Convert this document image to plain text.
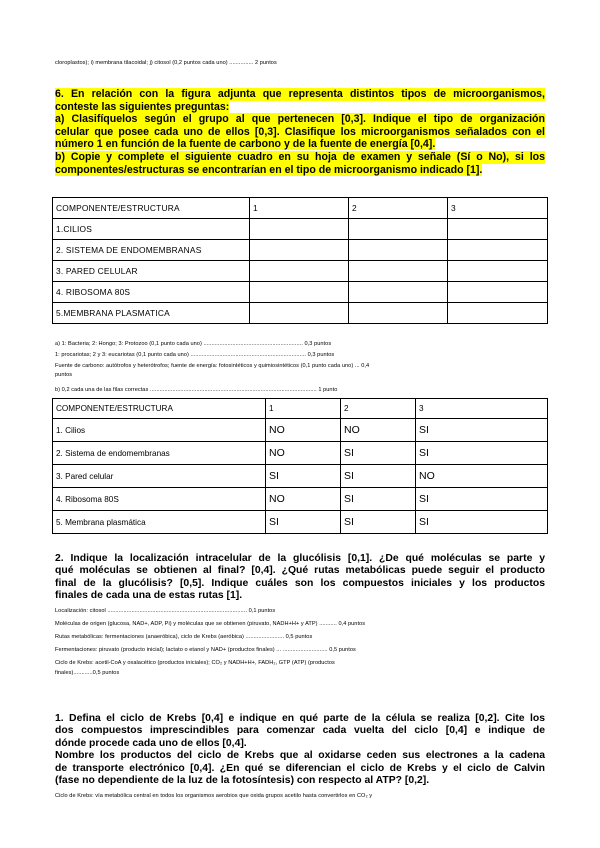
cloroplastos); i) membrana tilacoidal; j) citosol (0,2 puntos cada uno) ............... 2 puntos
6. En relación con la figura adjunta que representa distintos tipos de microorganismos,
conteste las siguientes preguntas:
a) Clasifíquelos según el grupo al que pertenecen [0,3]. Indique el tipo de organización
celular que posee cada uno de ellos [0,3]. Clasifique los microorganismos señalados con el
número 1 en función de la fuente de carbono y de la fuente de energía [0,4].
b) Copie y complete el siguiente cuadro en su hoja de examen y señale (Sí o No), si los
componentes/estructuras se encontrarían en el tipo de microorganismo indicado [1].
COMPONENTE/ESTRUCTURA	1	2	3
1.CILIOS			
2. SISTEMA DE ENDOMEMBRANAS			
3. PARED CELULAR			
4. RIBOSOMA 80S			
5.MEMBRANA PLASMATICA			
a) 1: Bacteria; 2: Hongo; 3: Protozoo (0,1 punto cada uno) .............................................................. 0,3 puntos
1: procariotas; 2 y 3: eucariotas (0,1 punto cada uno) ........................................................................ 0,3 puntos
Fuente de carbono: autótrofos y heterótrofos; fuente de energía: fotosintéticos y quimiosintéticos (0,1 punto cada uno) ... 0,4
puntos
b) 0,2 cada una de las filas correctas ........................................................................................................ 1 punto
COMPONENTE/ESTRUCTURA	1	2	3
1. Cilios	NO	NO	SI
2. Sistema de endomembranas	NO	SI	SI
3. Pared celular	SI	SI	NO
4. Ribosoma 80S	NO	SI	SI
5. Membrana plasmática	SI	SI	SI
2. Indique la localización intracelular de la glucólisis [0,1]. ¿De qué moléculas se parte y
qué moléculas se obtienen al final? [0,4]. ¿Qué rutas metabólicas puede seguir el producto
final de la glucólisis? [0,5]. Indique cuáles son los compuestos iniciales y los productos
finales de cada una de estas rutas [1].
Localización: citosol ....................................................................................... 0,1 puntos
Moléculas de origen (glucosa, NAD+, ADP, Pi) y moléculas que se obtienen (piruvato, NADH+H+ y ATP) ........... 0,4 puntos
Rutas metabólicas: fermentaciones (anaeróbica), ciclo de Krebs (aeróbica) ........................ 0,5 puntos
Fermentaciones: piruvato (producto inicial); lactato o etanol y NAD+ (productos finales) ... ............................ 0,5 puntos
Ciclo de Krebs: acetil-CoA y oxalacético (productos iniciales); CO₂ y NADH+H+, FADH₂, GTP (ATP) (productos
finales)............0,5 puntos
1. Defina el ciclo de Krebs [0,4] e indique en qué parte de la célula se realiza [0,2]. Cite los
dos compuestos imprescindibles para comenzar cada vuelta del ciclo [0,4] e indique de
dónde procede cada uno de ellos [0,4].
Nombre los productos del ciclo de Krebs que al oxidarse ceden sus electrones a la cadena
de transporte electrónico [0,4]. ¿En qué se diferencian el ciclo de Krebs y el ciclo de Calvin
(fase no dependiente de la luz de la fotosíntesis) con respecto al ATP? [0,2].
Ciclo de Krebs: vía metabólica central en todos los organismos aerobios que oxida grupos acetilo hasta convertirlos en CO₂ y
